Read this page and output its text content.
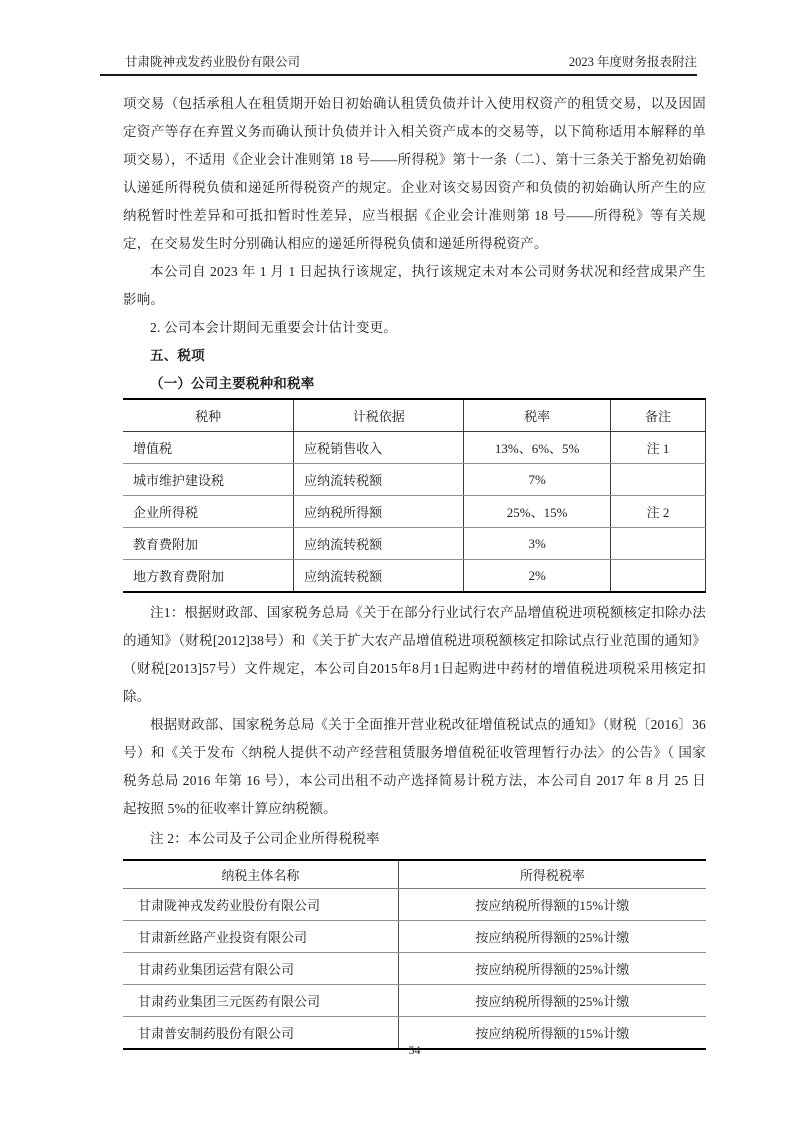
甘肃陇神戎发药业股份有限公司	2023 年度财务报表附注

项交易（包括承租人在租赁期开始日初始确认租赁负债并计入使用权资产的租赁交易，以及因固定资产等存在弃置义务而确认预计负债并计入相关资产成本的交易等，以下简称适用本解释的单项交易），不适用《企业会计准则第 18 号——所得税》第十一条（二）、第十三条关于豁免初始确认递延所得税负债和递延所得税资产的规定。企业对该交易因资产和负债的初始确认所产生的应纳税暂时性差异和可抵扣暂时性差异，应当根据《企业会计准则第 18 号——所得税》等有关规定，在交易发生时分别确认相应的递延所得税负债和递延所得税资产。

本公司自 2023 年 1 月 1 日起执行该规定，执行该规定未对本公司财务状况和经营成果产生影响。

2. 公司本会计期间无重要会计估计变更。

五、税项

（一）公司主要税种和税率

税种	计税依据	税率	备注
增值税	应税销售收入	13%、6%、5%	注 1
城市维护建设税	应纳流转税额	7%	
企业所得税	应纳税所得额	25%、15%	注 2
教育费附加	应纳流转税额	3%	
地方教育费附加	应纳流转税额	2%	

注1：根据财政部、国家税务总局《关于在部分行业试行农产品增值税进项税额核定扣除办法的通知》（财税[2012]38号）和《关于扩大农产品增值税进项税额核定扣除试点行业范围的通知》（财税[2013]57号）文件规定，本公司自2015年8月1日起购进中药材的增值税进项税采用核定扣除。

根据财政部、国家税务总局《关于全面推开营业税改征增值税试点的通知》（财税〔2016〕36 号）和《关于发布〈纳税人提供不动产经营租赁服务增值税征收管理暂行办法〉的公告》（ 国家税务总局 2016 年第 16 号），本公司出租不动产选择简易计税方法，本公司自 2017 年 8 月 25 日起按照 5%的征收率计算应纳税额。

注 2：本公司及子公司企业所得税税率

纳税主体名称	所得税税率
甘肃陇神戎发药业股份有限公司	按应纳税所得额的15%计缴
甘肃新丝路产业投资有限公司	按应纳税所得额的25%计缴
甘肃药业集团运营有限公司	按应纳税所得额的25%计缴
甘肃药业集团三元医药有限公司	按应纳税所得额的25%计缴
甘肃普安制药股份有限公司	按应纳税所得额的15%计缴
54
